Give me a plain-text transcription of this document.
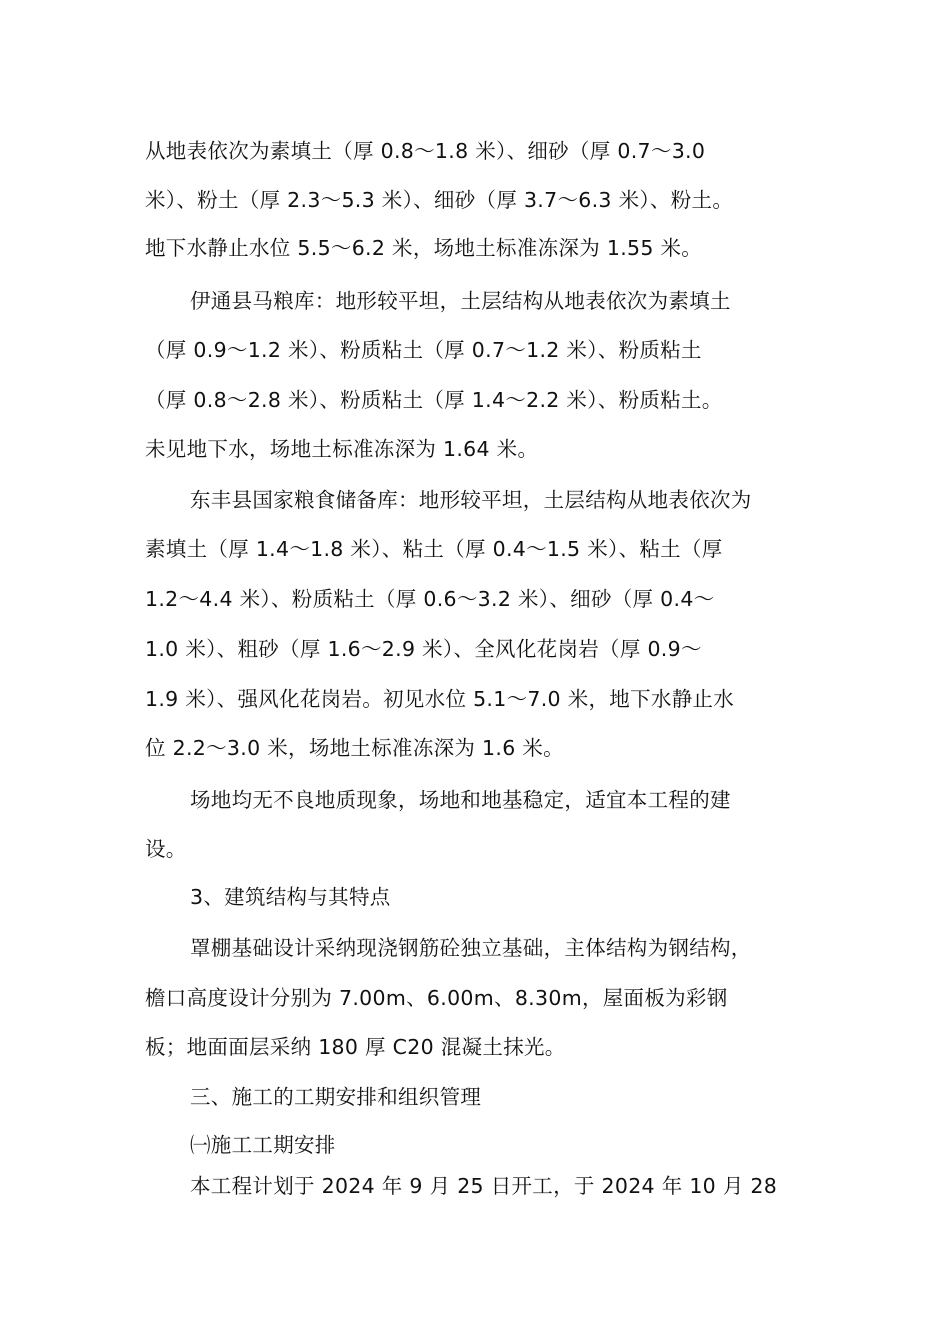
从地表依次为素填土（厚 0.8～1.8 米）、细砂（厚 0.7～3.0
米）、粉土（厚 2.3～5.3 米）、细砂（厚 3.7～6.3 米）、粉土。
地下水静止水位 5.5～6.2 米，场地土标准冻深为 1.55 米。
伊通县马粮库：地形较平坦，土层结构从地表依次为素填土
（厚 0.9～1.2 米）、粉质粘土（厚 0.7～1.2 米）、粉质粘土
（厚 0.8～2.8 米）、粉质粘土（厚 1.4～2.2 米）、粉质粘土。
未见地下水，场地土标准冻深为 1.64 米。
东丰县国家粮食储备库：地形较平坦，土层结构从地表依次为
素填土（厚 1.4～1.8 米）、粘土（厚 0.4～1.5 米）、粘土（厚
1.2～4.4 米）、粉质粘土（厚 0.6～3.2 米）、细砂（厚 0.4～
1.0 米）、粗砂（厚 1.6～2.9 米）、全风化花岗岩（厚 0.9～
1.9 米）、强风化花岗岩。初见水位 5.1～7.0 米，地下水静止水
位 2.2～3.0 米，场地土标准冻深为 1.6 米。
场地均无不良地质现象，场地和地基稳定，适宜本工程的建
设。
3、建筑结构与其特点
罩棚基础设计采纳现浇钢筋砼独立基础，主体结构为钢结构，
檐口高度设计分别为 7.00m、6.00m、8.30m，屋面板为彩钢
板；地面面层采纳 180 厚 C20 混凝土抹光。
三、施工的工期安排和组织管理
㈠施工工期安排
本工程计划于 2024 年 9 月 25 日开工，于 2024 年 10 月 28
